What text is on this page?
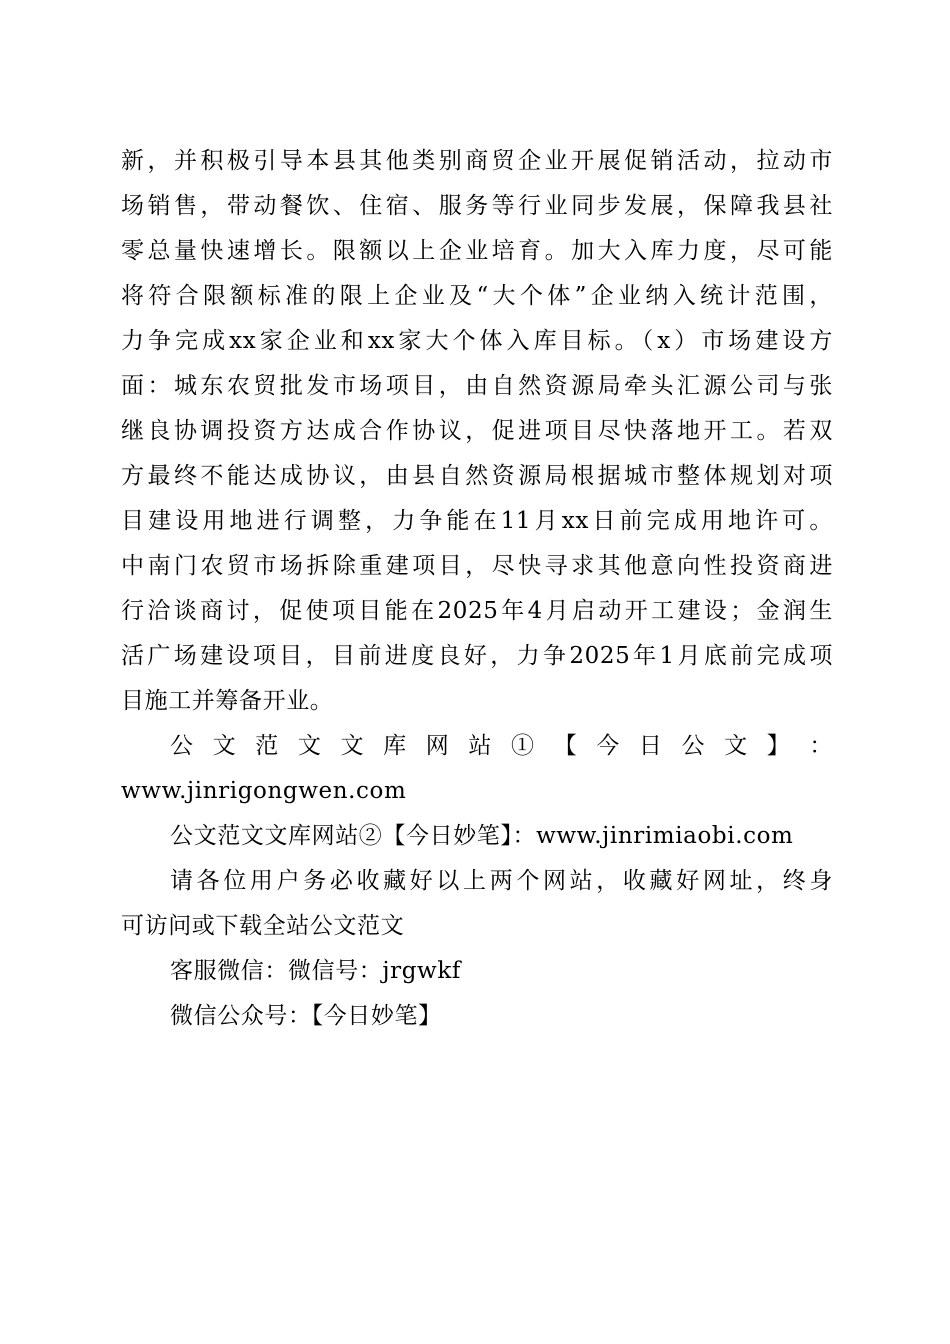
新，并积极引导本县其他类别商贸企业开展促销活动，拉动市
场销售，带动餐饮、住宿、服务等行业同步发展，保障我县社
零总量快速增长。限额以上企业培育。加大入库力度，尽可能
将符合限额标准的限上企业及“大个体”企业纳入统计范围，
力争完成xx家企业和xx家大个体入库目标。（x）市场建设方
面：城东农贸批发市场项目，由自然资源局牵头汇源公司与张
继良协调投资方达成合作协议，促进项目尽快落地开工。若双
方最终不能达成协议，由县自然资源局根据城市整体规划对项
目建设用地进行调整，力争能在11月xx日前完成用地许可。
中南门农贸市场拆除重建项目，尽快寻求其他意向性投资商进
行洽谈商讨，促使项目能在2025年4月启动开工建设；金润生
活广场建设项目，目前进度良好，力争2025年1月底前完成项
目施工并筹备开业。
公 文 范 文 文 库 网 站 ① 【 今 日 公 文 】 ：
www.jinrigongwen.com
公文范文文库网站②【今日妙笔】：www.jinrimiaobi.com
请各位用户务必收藏好以上两个网站，收藏好网址，终身
可访问或下载全站公文范文
客服微信：微信号：jrgwkf
微信公众号：【今日妙笔】
